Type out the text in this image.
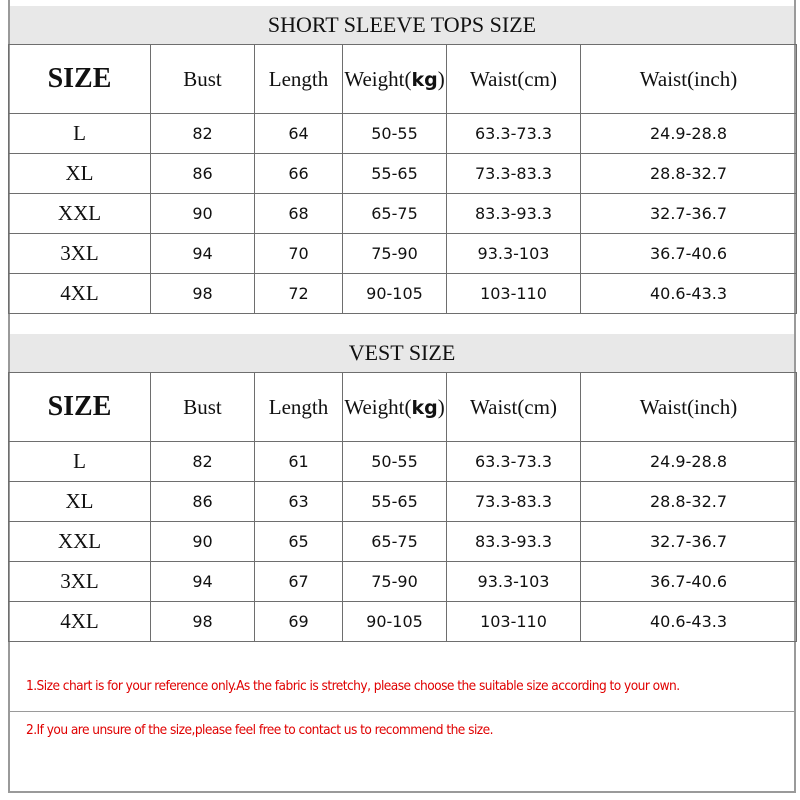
SHORT SLEEVE TOPS SIZE
SIZE	Bust	Length	Weight(kg)	Waist(cm)	Waist(inch)
L	82	64	50-55	63.3-73.3	24.9-28.8
XL	86	66	55-65	73.3-83.3	28.8-32.7
XXL	90	68	65-75	83.3-93.3	32.7-36.7
3XL	94	70	75-90	93.3-103	36.7-40.6
4XL	98	72	90-105	103-110	40.6-43.3
VEST SIZE
SIZE	Bust	Length	Weight(kg)	Waist(cm)	Waist(inch)
L	82	61	50-55	63.3-73.3	24.9-28.8
XL	86	63	55-65	73.3-83.3	28.8-32.7
XXL	90	65	65-75	83.3-93.3	32.7-36.7
3XL	94	67	75-90	93.3-103	36.7-40.6
4XL	98	69	90-105	103-110	40.6-43.3
1.Size chart is for your reference only.As the fabric is stretchy, please choose the suitable size according to your own.
2.If you are unsure of the size,please feel free to contact us to recommend the size.
